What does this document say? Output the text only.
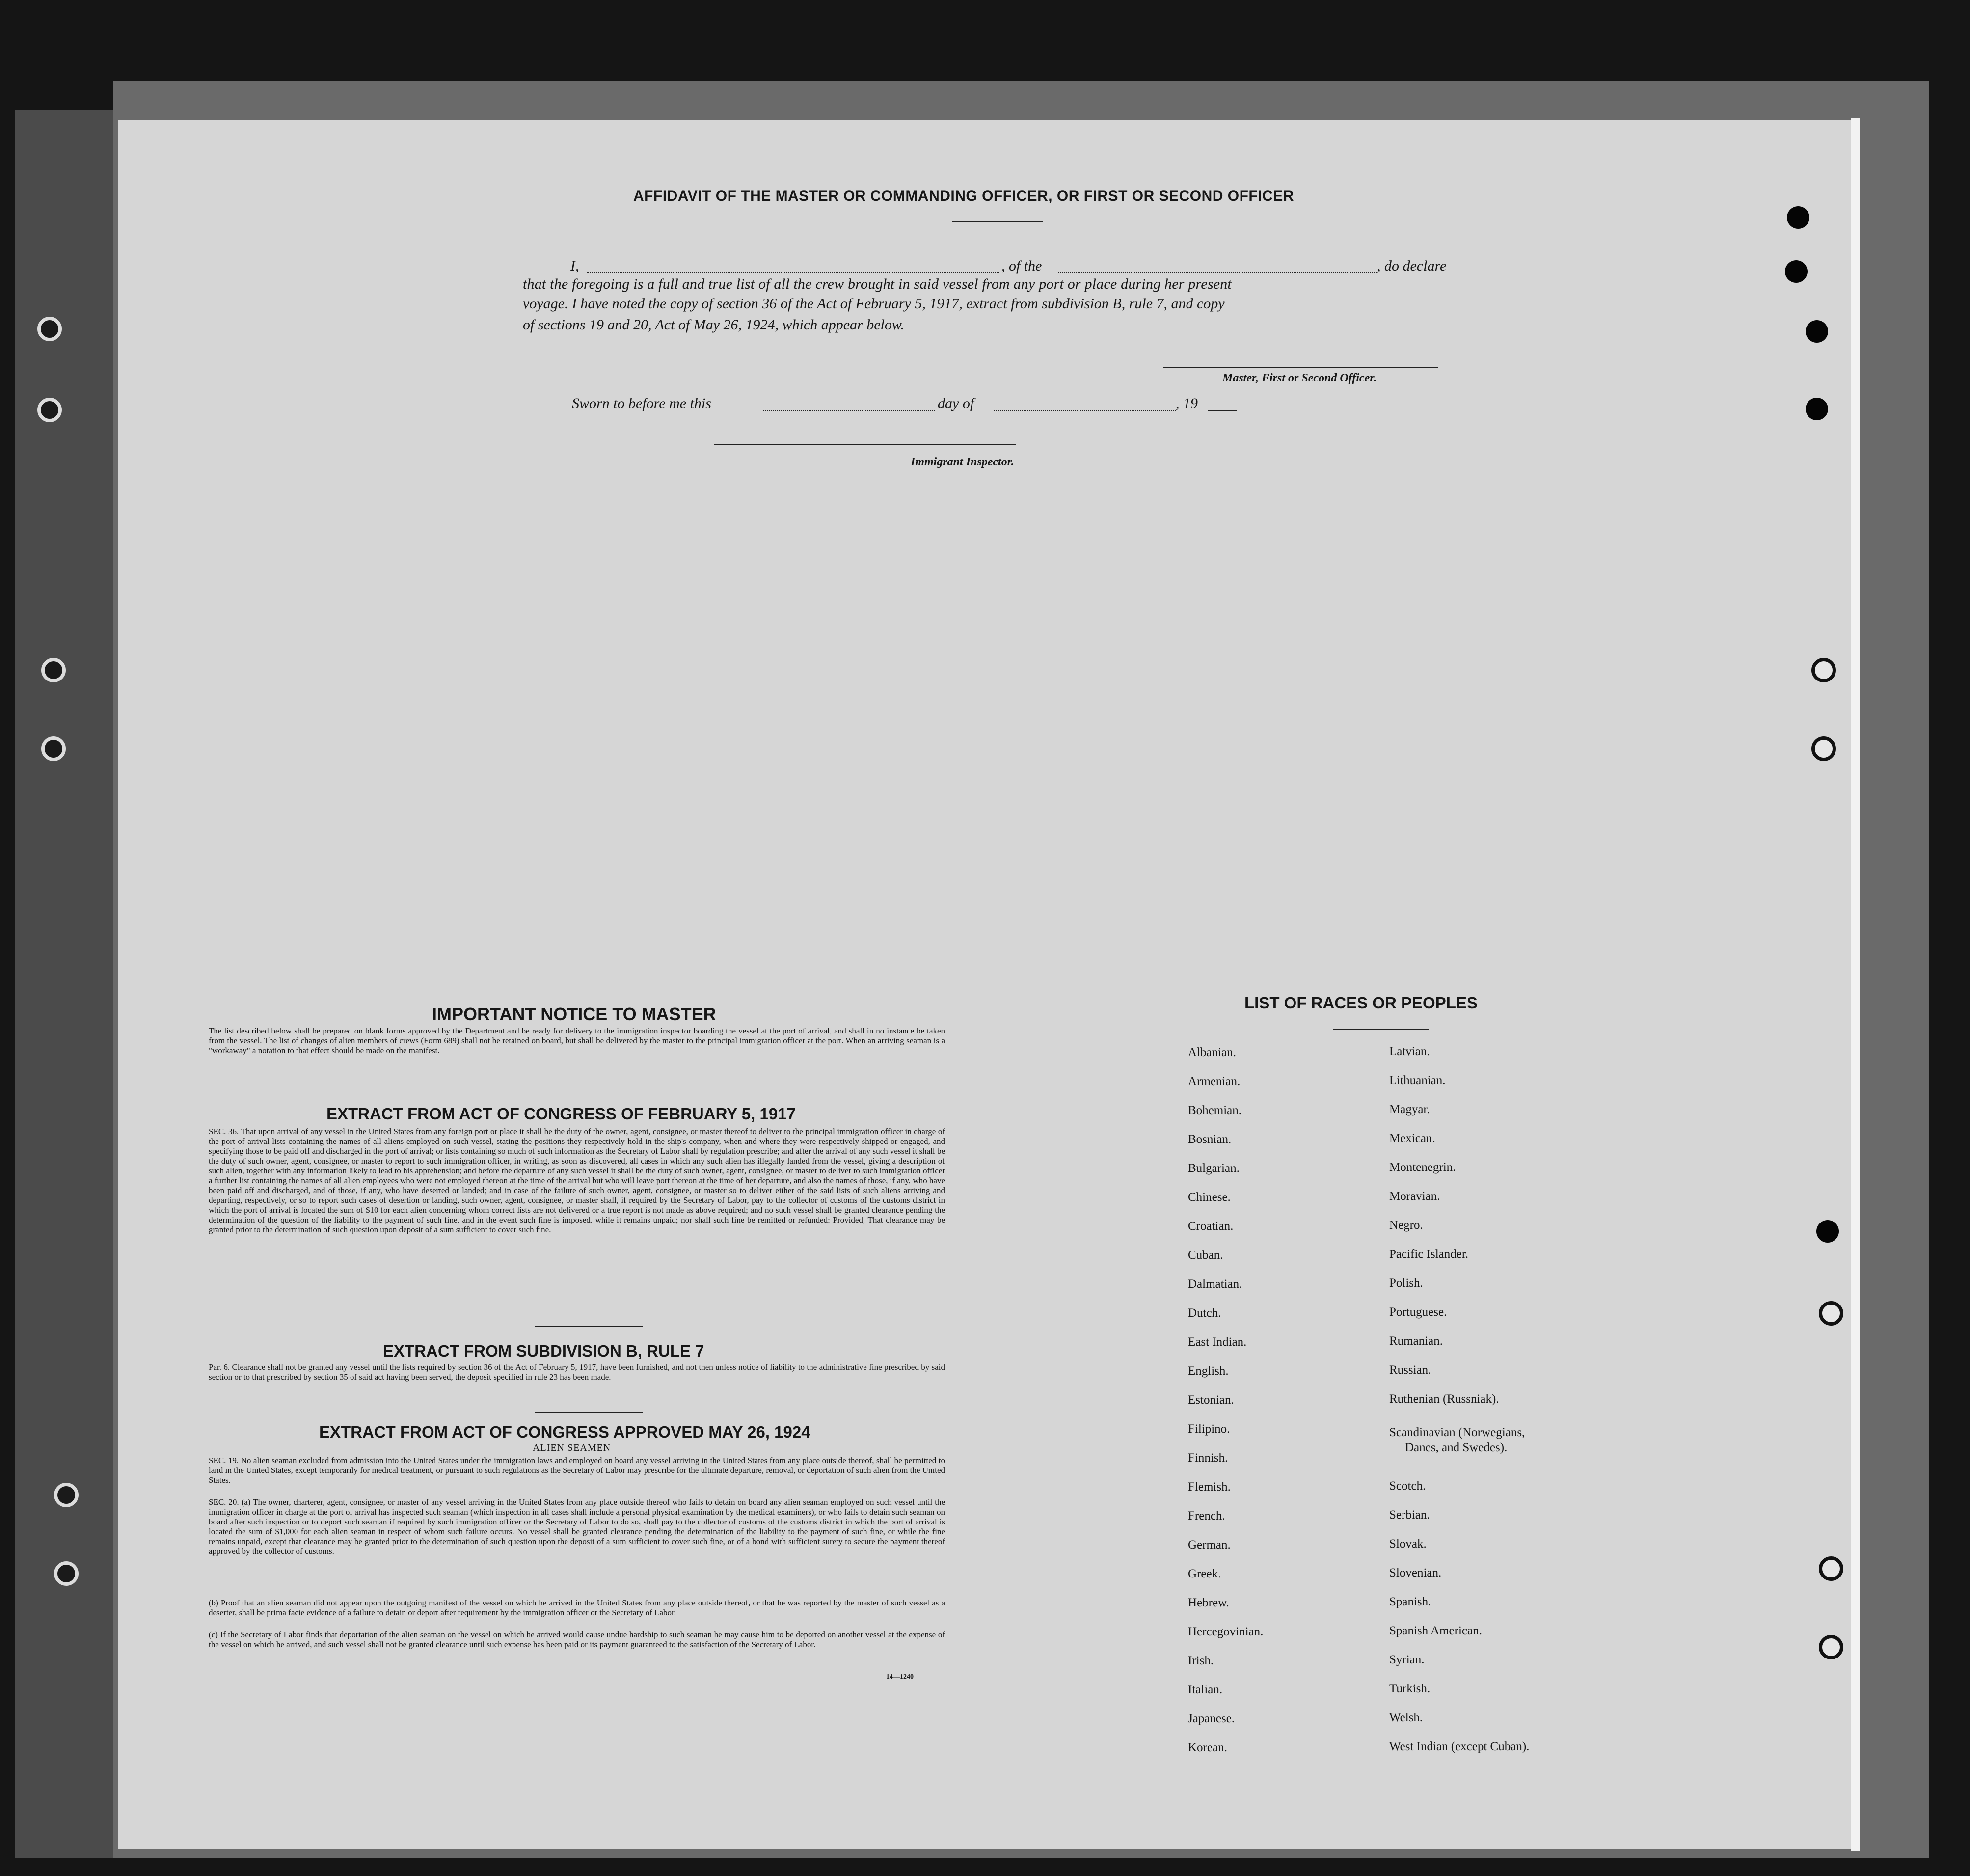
AFFIDAVIT OF THE MASTER OR COMMANDING OFFICER, OR FIRST OR SECOND OFFICER
I,	, of the	, do declare
that the foregoing is a full and true list of all the crew brought in said vessel from any port or place during her present
voyage. I have noted the copy of section 36 of the Act of February 5, 1917, extract from subdivision B, rule 7, and copy
of sections 19 and 20, Act of May 26, 1924, which appear below.
Master, First or Second Officer.
Sworn to before me this	day of	, 19
Immigrant Inspector.
IMPORTANT NOTICE TO MASTER
The list described below shall be prepared on blank forms approved by the Department and be ready for delivery to the immigration inspector boarding the vessel at the port of arrival, and shall in no instance be taken from the vessel. The list of changes of alien members of crews (Form 689) shall not be retained on board, but shall be delivered by the master to the principal immigration officer at the port. When an arriving seaman is a "workaway" a notation to that effect should be made on the manifest.
EXTRACT FROM ACT OF CONGRESS OF FEBRUARY 5, 1917
SEC. 36. That upon arrival of any vessel in the United States from any foreign port or place it shall be the duty of the owner, agent, consignee, or master thereof to deliver to the principal immigration officer in charge of the port of arrival lists containing the names of all aliens employed on such vessel, stating the positions they respectively hold in the ship's company, when and where they were respectively shipped or engaged, and specifying those to be paid off and discharged in the port of arrival; or lists containing so much of such information as the Secretary of Labor shall by regulation prescribe; and after the arrival of any such vessel it shall be the duty of such owner, agent, consignee, or master to report to such immigration officer, in writing, as soon as discovered, all cases in which any such alien has illegally landed from the vessel, giving a description of such alien, together with any information likely to lead to his apprehension; and before the departure of any such vessel it shall be the duty of such owner, agent, consignee, or master to deliver to such immigration officer a further list containing the names of all alien employees who were not employed thereon at the time of the arrival but who will leave port thereon at the time of her departure, and also the names of those, if any, who have been paid off and discharged, and of those, if any, who have deserted or landed; and in case of the failure of such owner, agent, consignee, or master so to deliver either of the said lists of such aliens arriving and departing, respectively, or so to report such cases of desertion or landing, such owner, agent, consignee, or master shall, if required by the Secretary of Labor, pay to the collector of customs of the customs district in which the port of arrival is located the sum of $10 for each alien concerning whom correct lists are not delivered or a true report is not made as above required; and no such vessel shall be granted clearance pending the determination of the question of the liability to the payment of such fine, and in the event such fine is imposed, while it remains unpaid; nor shall such fine be remitted or refunded: Provided, That clearance may be granted prior to the determination of such question upon deposit of a sum sufficient to cover such fine.
EXTRACT FROM SUBDIVISION B, RULE 7
Par. 6. Clearance shall not be granted any vessel until the lists required by section 36 of the Act of February 5, 1917, have been furnished, and not then unless notice of liability to the administrative fine prescribed by said section or to that prescribed by section 35 of said act having been served, the deposit specified in rule 23 has been made.
EXTRACT FROM ACT OF CONGRESS APPROVED MAY 26, 1924
ALIEN SEAMEN
SEC. 19. No alien seaman excluded from admission into the United States under the immigration laws and employed on board any vessel arriving in the United States from any place outside thereof, shall be permitted to land in the United States, except temporarily for medical treatment, or pursuant to such regulations as the Secretary of Labor may prescribe for the ultimate departure, removal, or deportation of such alien from the United States.
SEC. 20. (a) The owner, charterer, agent, consignee, or master of any vessel arriving in the United States from any place outside thereof who fails to detain on board any alien seaman employed on such vessel until the immigration officer in charge at the port of arrival has inspected such seaman (which inspection in all cases shall include a personal physical examination by the medical examiners), or who fails to detain such seaman on board after such inspection or to deport such seaman if required by such immigration officer or the Secretary of Labor to do so, shall pay to the collector of customs of the customs district in which the port of arrival is located the sum of $1,000 for each alien seaman in respect of whom such failure occurs. No vessel shall be granted clearance pending the determination of the liability to the payment of such fine, or while the fine remains unpaid, except that clearance may be granted prior to the determination of such question upon the deposit of a sum sufficient to cover such fine, or of a bond with sufficient surety to secure the payment thereof approved by the collector of customs.
(b) Proof that an alien seaman did not appear upon the outgoing manifest of the vessel on which he arrived in the United States from any place outside thereof, or that he was reported by the master of such vessel as a deserter, shall be prima facie evidence of a failure to detain or deport after requirement by the immigration officer or the Secretary of Labor.
(c) If the Secretary of Labor finds that deportation of the alien seaman on the vessel on which he arrived would cause undue hardship to such seaman he may cause him to be deported on another vessel at the expense of the vessel on which he arrived, and such vessel shall not be granted clearance until such expense has been paid or its payment guaranteed to the satisfaction of the Secretary of Labor.
14—1240
LIST OF RACES OR PEOPLES
Albanian.
Armenian.
Bohemian.
Bosnian.
Bulgarian.
Chinese.
Croatian.
Cuban.
Dalmatian.
Dutch.
East Indian.
English.
Estonian.
Filipino.
Finnish.
Flemish.
French.
German.
Greek.
Hebrew.
Hercegovinian.
Irish.
Italian.
Japanese.
Korean.
Latvian.
Lithuanian.
Magyar.
Mexican.
Montenegrin.
Moravian.
Negro.
Pacific Islander.
Polish.
Portuguese.
Rumanian.
Russian.
Ruthenian (Russniak).
Scandinavian (Norwegians,
Danes, and Swedes).
Scotch.
Serbian.
Slovak.
Slovenian.
Spanish.
Spanish American.
Syrian.
Turkish.
Welsh.
West Indian (except Cuban).
